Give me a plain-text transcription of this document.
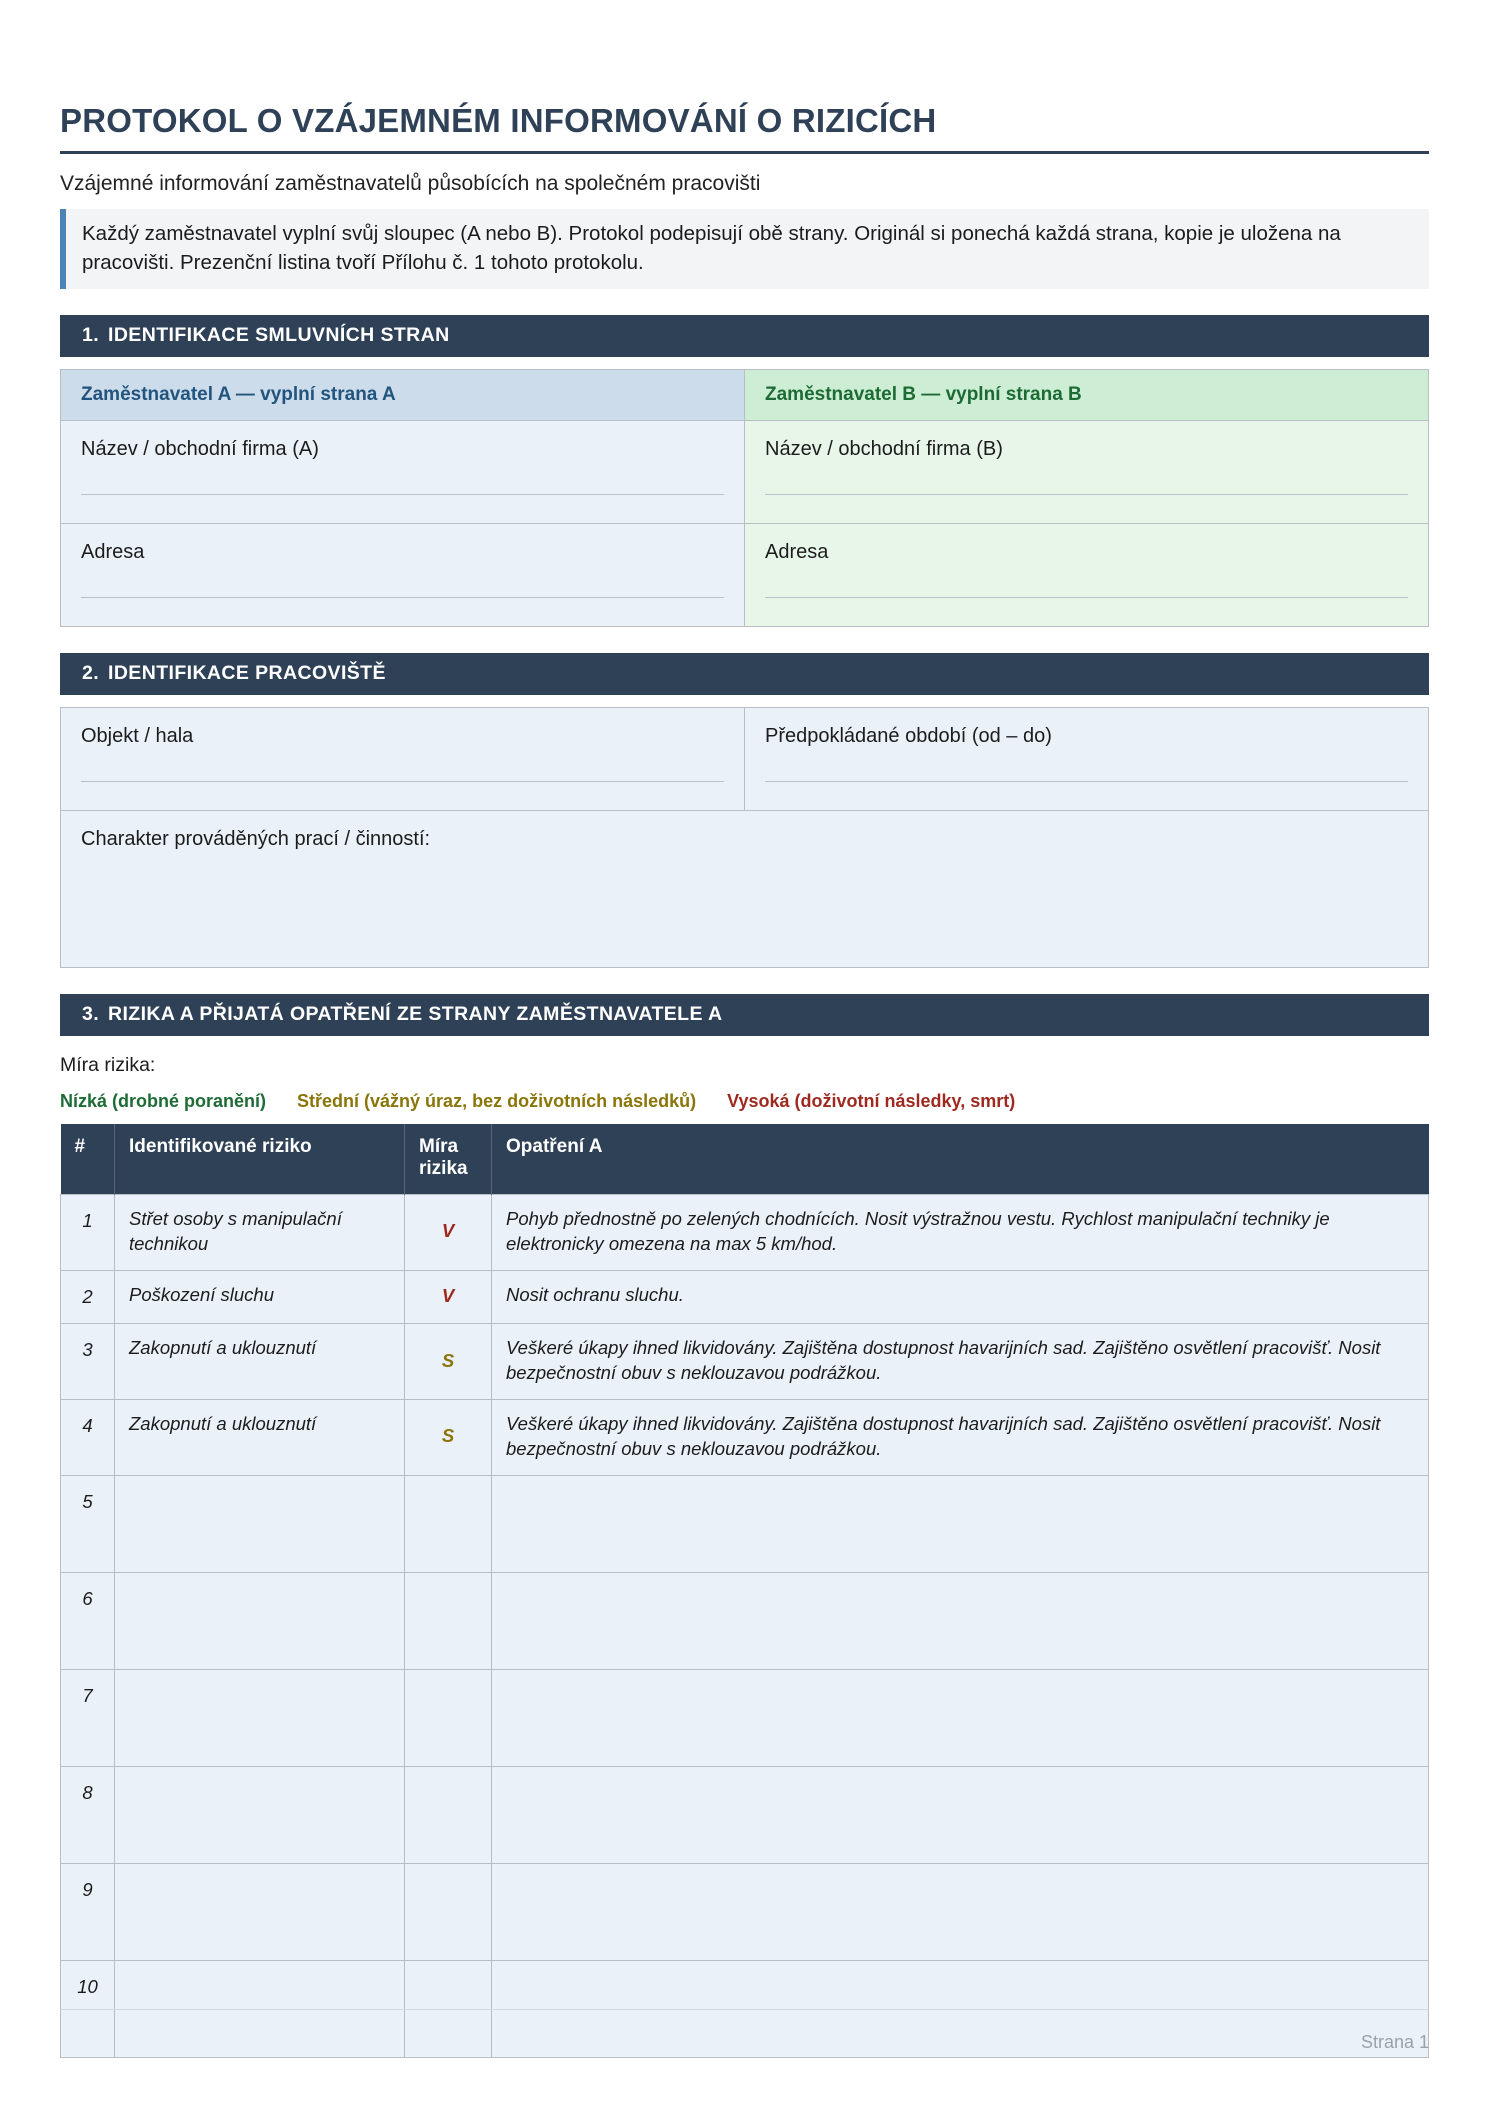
PROTOKOL O VZÁJEMNÉM INFORMOVÁNÍ O RIZICÍCH
Vzájemné informování zaměstnavatelů působících na společném pracovišti
Každý zaměstnavatel vyplní svůj sloupec (A nebo B). Protokol podepisují obě strany. Originál si ponechá každá strana, kopie je uložena na pracovišti. Prezenční listina tvoří Přílohu č. 1 tohoto protokolu.
1. IDENTIFIKACE SMLUVNÍCH STRAN
Zaměstnavatel A — vyplní strana A	Zaměstnavatel B — vyplní strana B

Název / obchodní firma (A)	Název / obchodní firma (B)

Adresa	Adresa
2. IDENTIFIKACE PRACOVIŠTĚ
Objekt / hala	Předpokládané období (od – do)

Charakter prováděných prací / činností:
3. RIZIKA A PŘIJATÁ OPATŘENÍ ZE STRANY ZAMĚSTNAVATELE A
Míra rizika:
Nízká (drobné poranění) Střední (vážný úraz, bez doživotních následků) Vysoká (doživotní následky, smrt)
#	Identifikované riziko	Míra rizika	Opatření A
1	Střet osoby s manipulační technikou	V	Pohyb přednostně po zelených chodnících. Nosit výstražnou vestu. Rychlost manipulační techniky je elektronicky omezena na max 5 km/hod.
2	Poškození sluchu	V	Nosit ochranu sluchu.
3	Zakopnutí a uklouznutí	S	Veškeré úkapy ihned likvidovány. Zajištěna dostupnost havarijních sad. Zajištěno osvětlení pracovišť. Nosit bezpečnostní obuv s neklouzavou podrážkou.
4	Zakopnutí a uklouznutí	S	Veškeré úkapy ihned likvidovány. Zajištěna dostupnost havarijních sad. Zajištěno osvětlení pracovišť. Nosit bezpečnostní obuv s neklouzavou podrážkou.
5			
6			
7			
8			
9			
10			
Strana 1
